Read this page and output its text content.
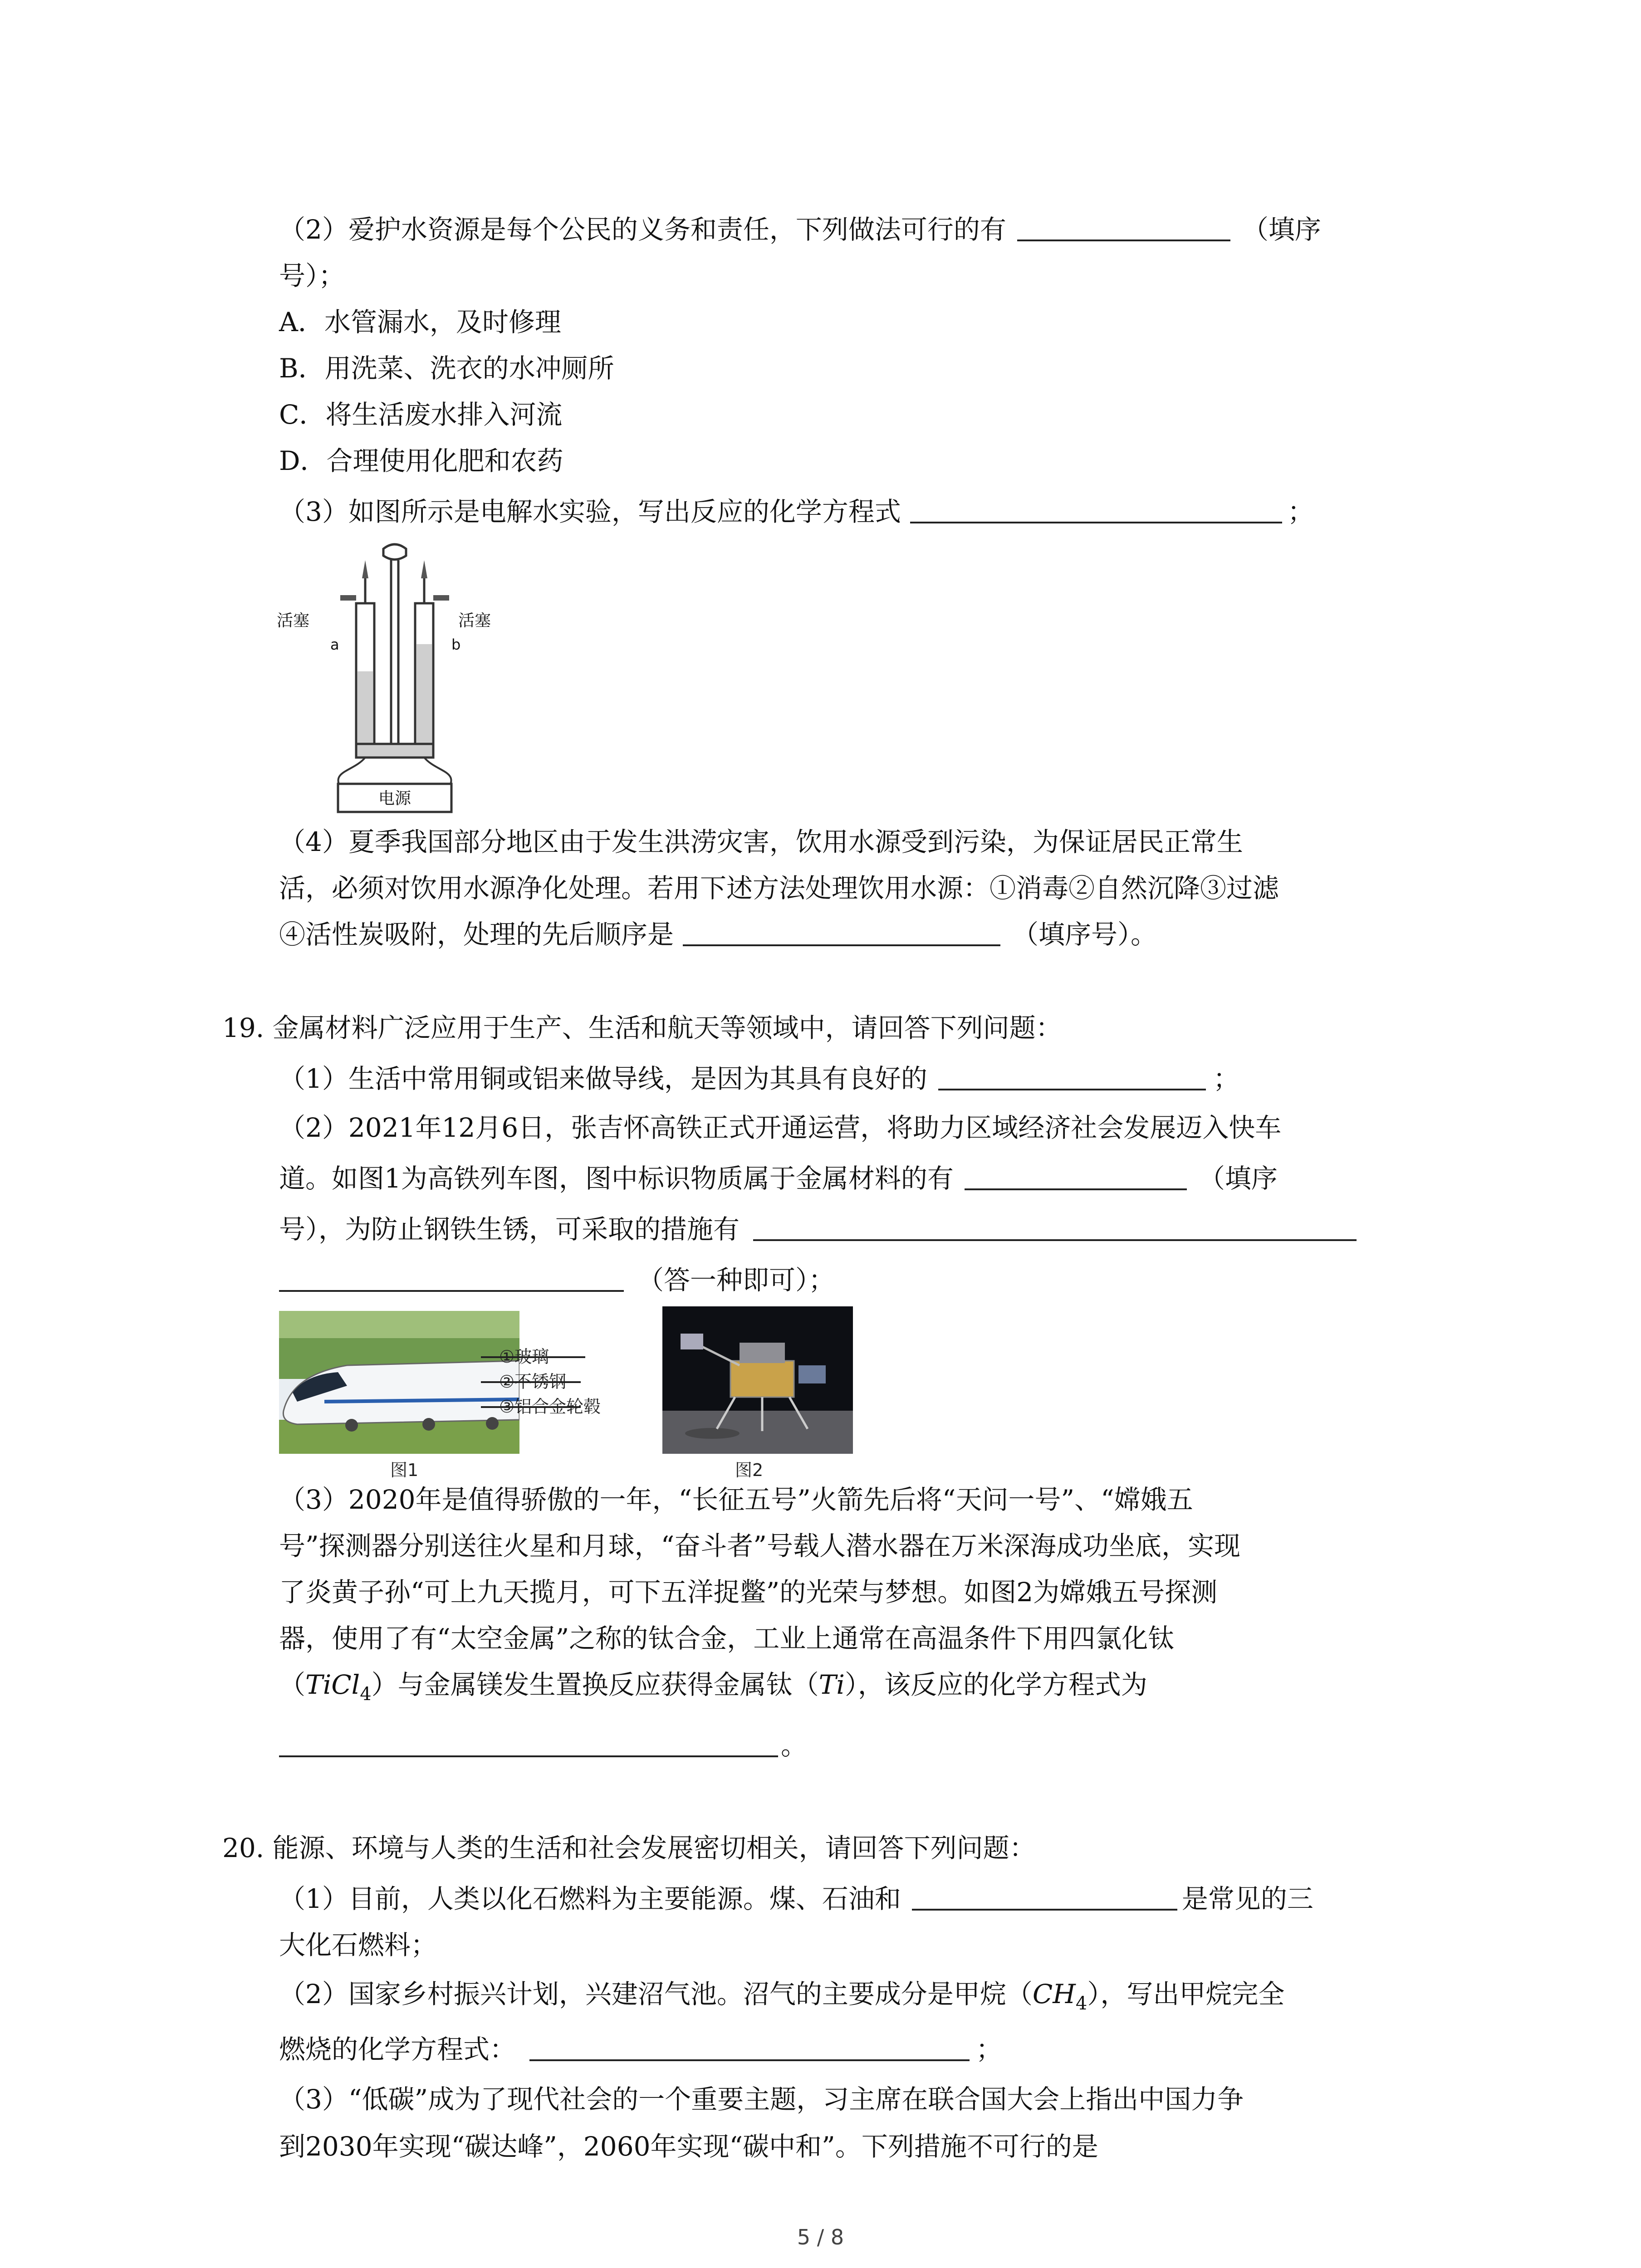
（2）爱护水资源是每个公民的义务和责任，下列做法可行的有	（填序
号）；
A．水管漏水，及时修理
B．用洗菜、洗衣的水冲厕所
C．将生活废水排入河流
D．合理使用化肥和农药
（3）如图所示是电解水实验，写出反应的化学方程式	；
电源
活塞
a
活塞
b
（4）夏季我国部分地区由于发生洪涝灾害，饮用水源受到污染，为保证居民正常生
活，必须对饮用水源净化处理。若用下述方法处理饮用水源：①消毒②自然沉降③过滤
④活性炭吸附，处理的先后顺序是	（填序号）。
19. 金属材料广泛应用于生产、生活和航天等领域中，请回答下列问题：
（1）生活中常用铜或铝来做导线，是因为其具有良好的	；
（2）2021年12月6日，张吉怀高铁正式开通运营，将助力区域经济社会发展迈入快车
道。如图1为高铁列车图，图中标识物质属于金属材料的有	（填序
号），为防止钢铁生锈，可采取的措施有
（答一种即可）；
①玻璃
②不锈钢
③铝合金轮毂
图1	图2
（3）2020年是值得骄傲的一年，“长征五号”火箭先后将“天问一号”、“嫦娥五
号”探测器分别送往火星和月球，“奋斗者”号载人潜水器在万米深海成功坐底，实现
了炎黄子孙“可上九天揽月，可下五洋捉鳖”的光荣与梦想。如图2为嫦娥五号探测
器，使用了有“太空金属”之称的钛合金，工业上通常在高温条件下用四氯化钛
（TiCl$_4$）与金属镁发生置换反应获得金属钛（Ti），该反应的化学方程式为
。
20. 能源、环境与人类的生活和社会发展密切相关，请回答下列问题：
（1）目前，人类以化石燃料为主要能源。煤、石油和	是常见的三
大化石燃料；
（2）国家乡村振兴计划，兴建沼气池。沼气的主要成分是甲烷$(CH_4)$，写出甲烷完全
燃烧的化学方程式：	；
（3）“低碳”成为了现代社会的一个重要主题，习主席在联合国大会上指出中国力争
到2030年实现“碳达峰”，2060年实现“碳中和”。下列措施不可行的是
5 / 8
